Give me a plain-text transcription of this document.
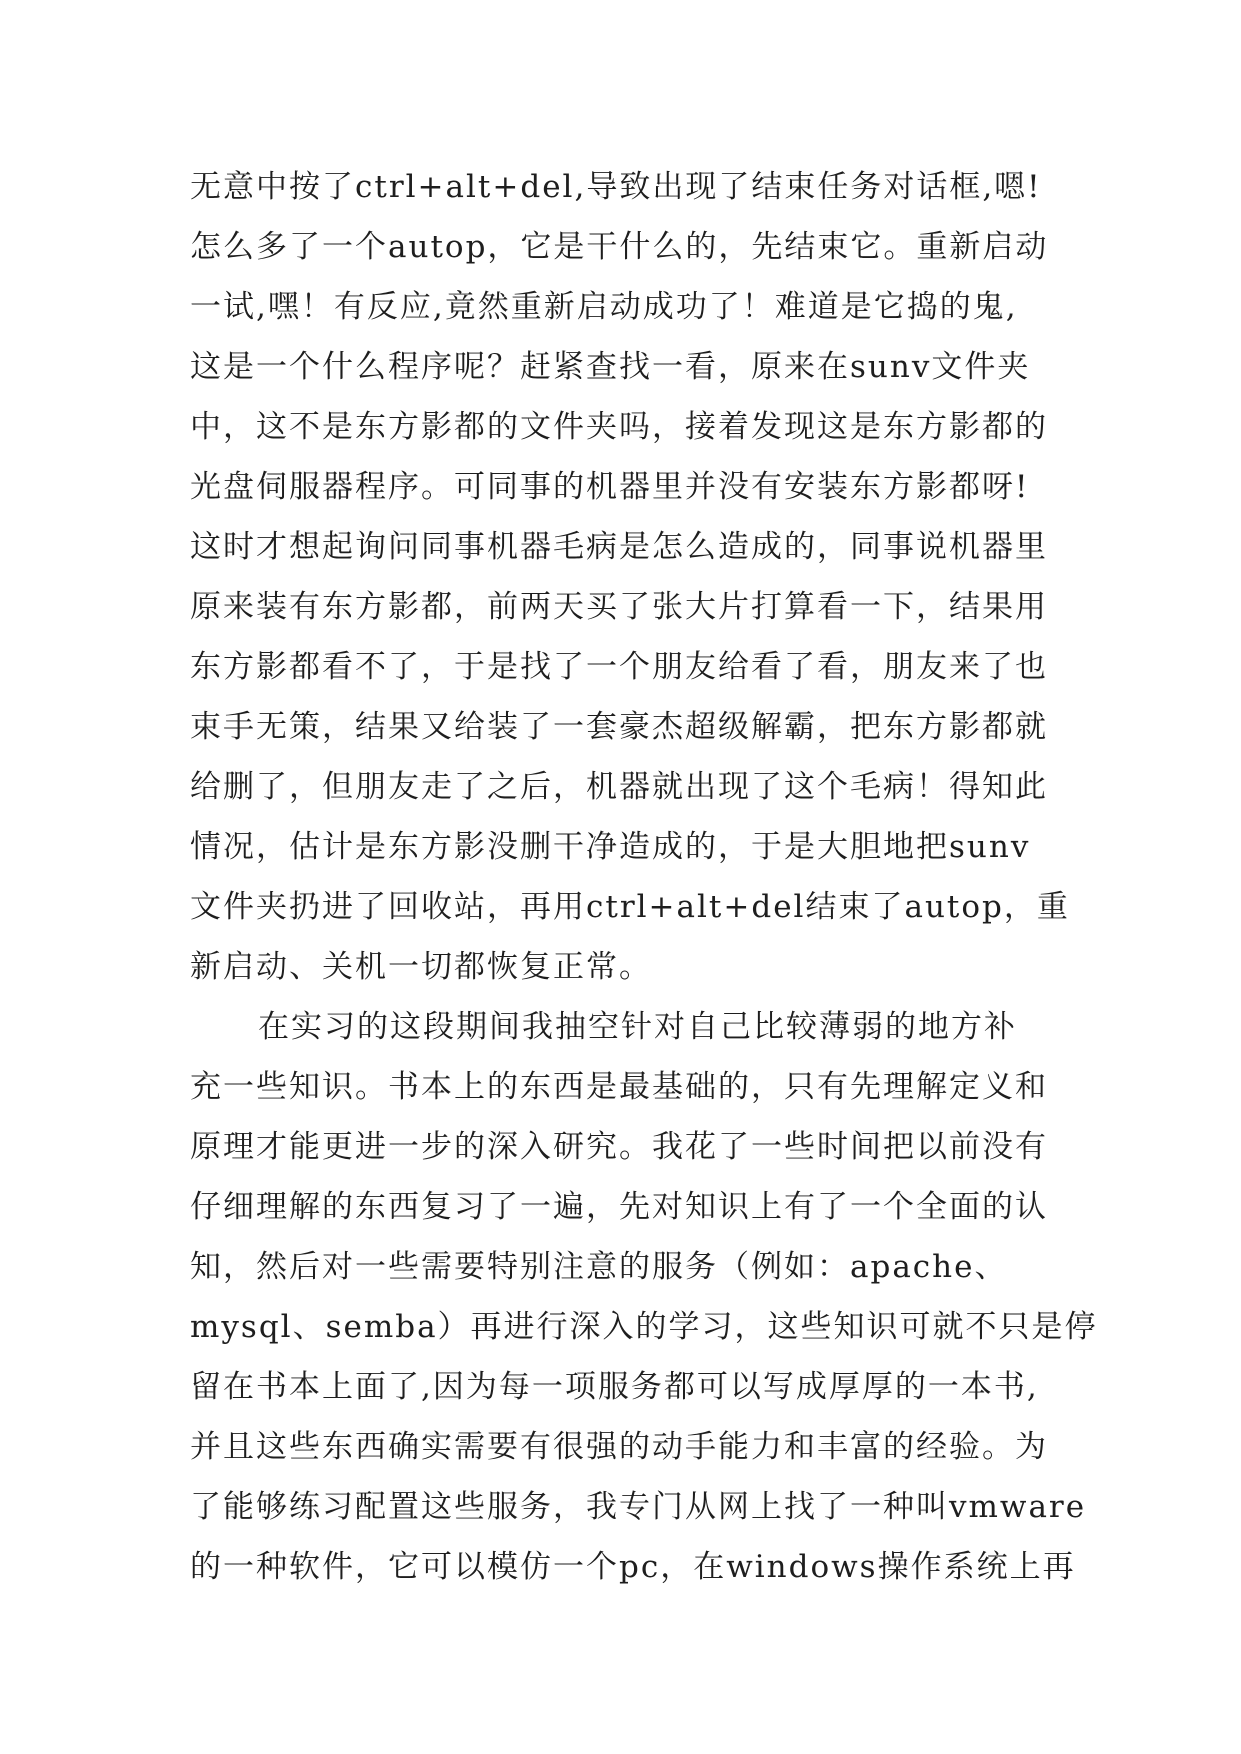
无意中按了ctrl+alt+del,导致出现了结束任务对话框,嗯!
怎么多了一个autop，它是干什么的，先结束它。重新启动
一试,嘿！有反应,竟然重新启动成功了！难道是它捣的鬼,
这是一个什么程序呢？赶紧查找一看，原来在sunv文件夹
中，这不是东方影都的文件夹吗，接着发现这是东方影都的
光盘伺服器程序。可同事的机器里并没有安装东方影都呀!
这时才想起询问同事机器毛病是怎么造成的，同事说机器里
原来装有东方影都，前两天买了张大片打算看一下，结果用
东方影都看不了，于是找了一个朋友给看了看，朋友来了也
束手无策，结果又给装了一套豪杰超级解霸，把东方影都就
给删了，但朋友走了之后，机器就出现了这个毛病！得知此
情况，估计是东方影没删干净造成的，于是大胆地把sunv
文件夹扔进了回收站，再用ctrl+alt+del结束了autop，重
新启动、关机一切都恢复正常。
在实习的这段期间我抽空针对自己比较薄弱的地方补
充一些知识。书本上的东西是最基础的，只有先理解定义和
原理才能更进一步的深入研究。我花了一些时间把以前没有
仔细理解的东西复习了一遍，先对知识上有了一个全面的认
知，然后对一些需要特别注意的服务（例如：apache、
mysql、semba）再进行深入的学习，这些知识可就不只是停
留在书本上面了,因为每一项服务都可以写成厚厚的一本书,
并且这些东西确实需要有很强的动手能力和丰富的经验。为
了能够练习配置这些服务，我专门从网上找了一种叫vmware
的一种软件，它可以模仿一个pc，在windows操作系统上再
